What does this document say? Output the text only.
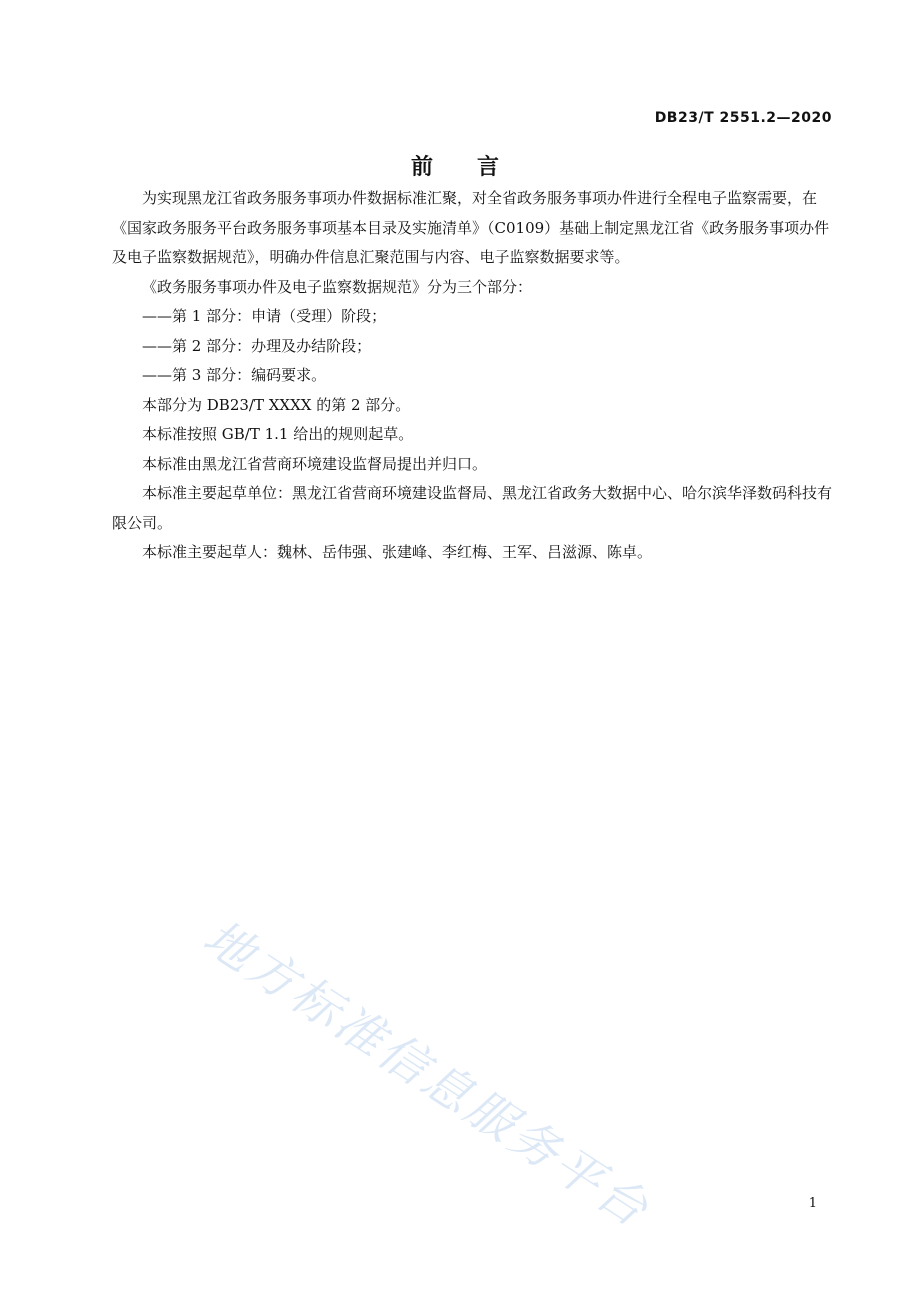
DB23/T 2551.2—2020
前 言

为实现黑龙江省政务服务事项办件数据标准汇聚，对全省政务服务事项办件进行全程电子监察需要，在《国家政务服务平台政务服务事项基本目录及实施清单》（C0109）基础上制定黑龙江省《政务服务事项办件及电子监察数据规范》，明确办件信息汇聚范围与内容、电子监察数据要求等。

《政务服务事项办件及电子监察数据规范》分为三个部分：

——第 1 部分：申请（受理）阶段；

——第 2 部分：办理及办结阶段；

——第 3 部分：编码要求。

本部分为 DB23/T XXXX 的第 2 部分。

本标准按照 GB/T 1.1 给出的规则起草。

本标准由黑龙江省营商环境建设监督局提出并归口。

本标准主要起草单位：黑龙江省营商环境建设监督局、黑龙江省政务大数据中心、哈尔滨华泽数码科技有限公司。

本标准主要起草人：魏林、岳伟强、张建峰、李红梅、王军、吕滋源、陈卓。

地方标准信息服务平台	1
